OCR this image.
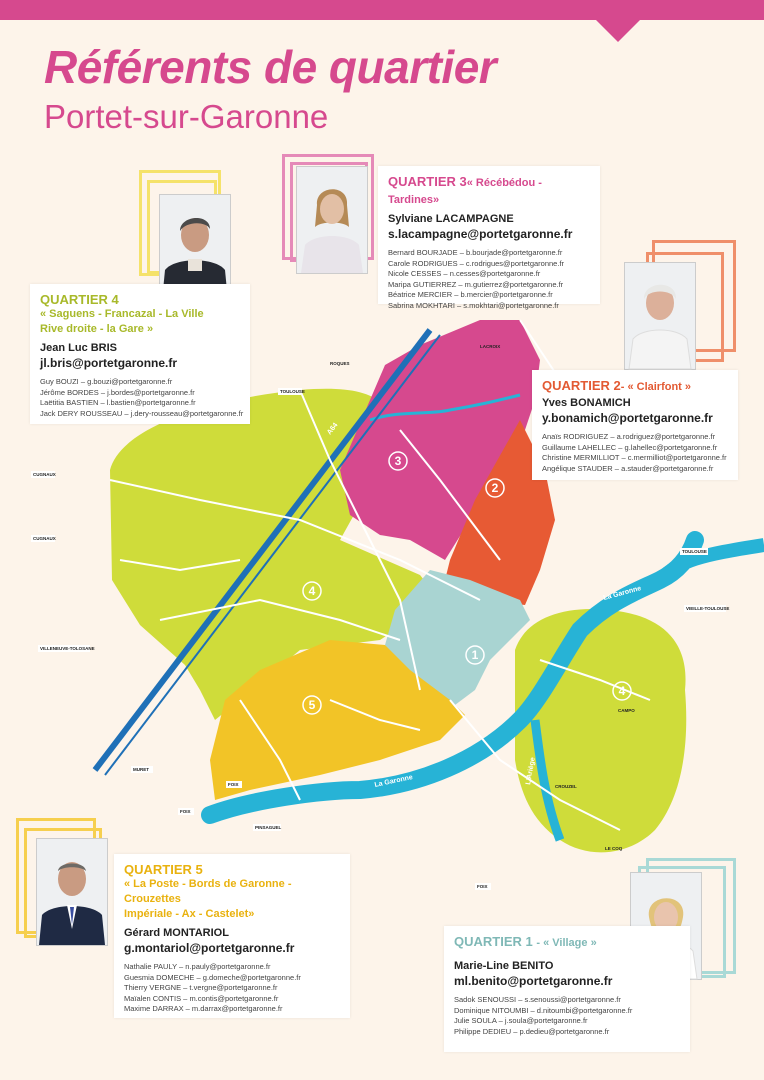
Référents de quartier
Portet-sur-Garonne
1
2
3
4
4
5
La Garonne
La Garonne
L'Ariège
A64
TOULOUSE
CUGNAUX
CUGNAUX
VILLENEUVE-TOLOSANE
MURET
FOIX
FOIX
PINSAGUEL
TOULOUSE
VIEILLE-TOULOUSE
ROQUES
LACROIX
FOIX
CAMPO
LE COQ
CROUZEL
QUARTIER 4
« Saguens - Francazal - La Ville
Rive droite - la Gare »
Jean Luc BRIS
jl.bris@portetgaronne.fr
Guy BOUZI – g.bouzi@portetgaronne.fr
Jérôme BORDES – j.bordes@portetgaronne.fr
Laëtitia BASTIEN – l.bastien@portetgaronne.fr
Jack DERY ROUSSEAU – j.dery-rousseau@portetgaronne.fr
QUARTIER 3« Récébédou - Tardines»
Sylviane LACAMPAGNE
s.lacampagne@portetgaronne.fr
Bernard BOURJADE – b.bourjade@portetgaronne.fr
Carole RODRIGUES – c.rodrigues@portetgaronne.fr
Nicole CESSES – n.cesses@portetgaronne.fr
Maripa GUTIERREZ – m.gutierrez@portetgaronne.fr
Béatrice MERCIER – b.mercier@portetgaronne.fr
Sabrina MOKHTARI – s.mokhtari@portetgaronne.fr
QUARTIER 2- « Clairfont »
Yves BONAMICH
y.bonamich@portetgaronne.fr
Anaïs RODRIGUEZ – a.rodriguez@portetgaronne.fr
Guillaume LAHELLEC – g.lahellec@portetgaronne.fr
Christine MERMILLIOT – c.mermilliot@portetgaronne.fr
Angélique STAUDER – a.stauder@portetgaronne.fr
QUARTIER 5
« La Poste - Bords de Garonne - Crouzettes
Impériale - Ax - Castelet»
Gérard MONTARIOL
g.montariol@portetgaronne.fr
Nathalie PAULY – n.pauly@portetgaronne.fr
Guesmia DOMECHE – g.domeche@portetgaronne.fr
Thierry VERGNE – t.vergne@portetgaronne.fr
Maïalen CONTIS – m.contis@portetgaronne.fr
Maxime DARRAX – m.darrax@portetgaronne.fr
QUARTIER 1 - « Village »
Marie-Line BENITO
ml.benito@portetgaronne.fr
Sadok SENOUSSI – s.senoussi@portetgaronne.fr
Dominique NITOUMBI – d.nitoumbi@portetgaronne.fr
Julie SOULA – j.soula@portetgaronne.fr
Philippe DEDIEU – p.dedieu@portetgaronne.fr
